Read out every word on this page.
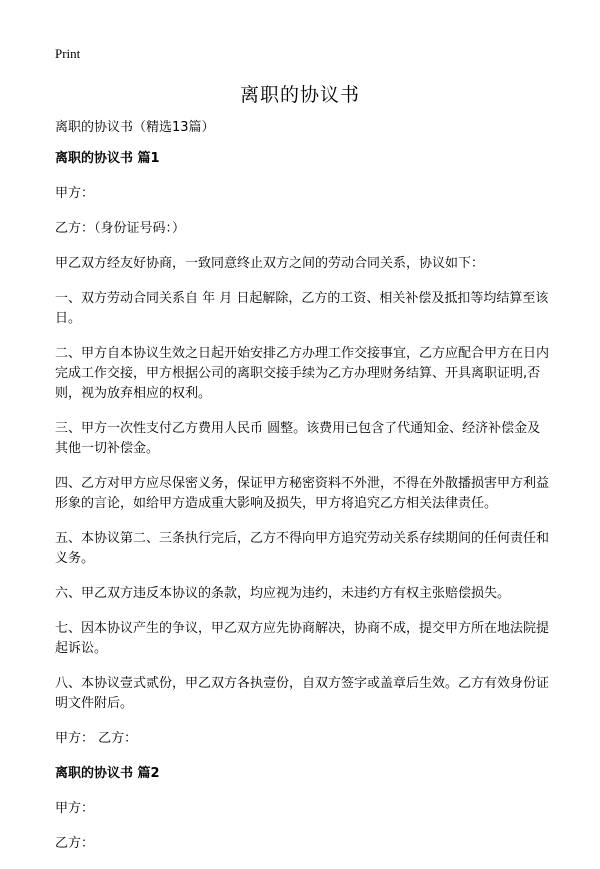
Print
离职的协议书

离职的协议书（精选13篇）

离职的协议书 篇1

甲方：

乙方：（身份证号码：）

甲乙双方经友好协商，一致同意终止双方之间的劳动合同关系，协议如下：

一、双方劳动合同关系自 年 月 日起解除，乙方的工资、相关补偿及抵扣等均结算至该日。

二、甲方自本协议生效之日起开始安排乙方办理工作交接事宜，乙方应配合甲方在日内完成工作交接，甲方根据公司的离职交接手续为乙方办理财务结算、开具离职证明,否则，视为放弃相应的权利。

三、甲方一次性支付乙方费用人民币 圆整。该费用已包含了代通知金、经济补偿金及其他一切补偿金。

四、乙方对甲方应尽保密义务，保证甲方秘密资料不外泄，不得在外散播损害甲方利益形象的言论，如给甲方造成重大影响及损失，甲方将追究乙方相关法律责任。

五、本协议第二、三条执行完后，乙方不得向甲方追究劳动关系存续期间的任何责任和义务。

六、甲乙双方违反本协议的条款，均应视为违约，未违约方有权主张赔偿损失。

七、因本协议产生的争议，甲乙双方应先协商解决，协商不成，提交甲方所在地法院提起诉讼。

八、本协议壹式贰份，甲乙双方各执壹份，自双方签字或盖章后生效。乙方有效身份证明文件附后。

甲方： 乙方：

离职的协议书 篇2

甲方：

乙方：
